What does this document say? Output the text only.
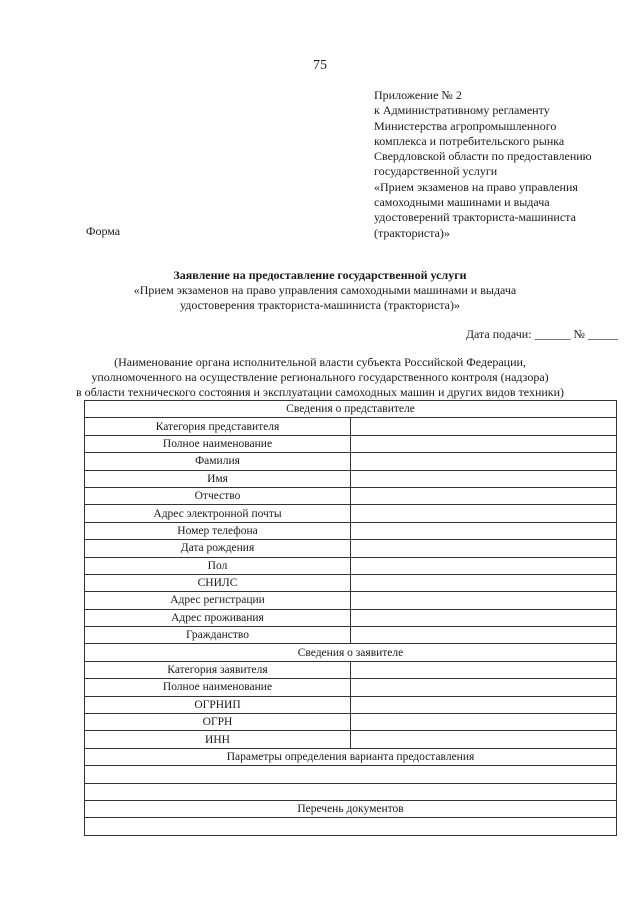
75
Приложение № 2
к Административному регламенту
Министерства агропромышленного
комплекса и потребительского рынка
Свердловской области по предоставлению
государственной услуги
«Прием экзаменов на право управления
самоходными машинами и выдача
удостоверений тракториста-машиниста
(тракториста)»
Форма
Заявление на предоставление государственной услуги
«Прием экзаменов на право управления самоходными машинами и выдача
удостоверения тракториста-машиниста (тракториста)»
Дата подачи: ______ № _____
(Наименование органа исполнительной власти субъекта Российской Федерации,
уполномоченного на осуществление регионального государственного контроля (надзора)
в области технического состояния и эксплуатации самоходных машин и других видов техники)
Сведения о представителе	
Категория представителя	
Полное наименование	
Фамилия	
Имя	
Отчество	
Адрес электронной почты	
Номер телефона	
Дата рождения	
Пол	
СНИЛС	
Адрес регистрации	
Адрес проживания	
Гражданство	
Сведения о заявителе	
Категория заявителя	
Полное наименование	
ОГРНИП	
ОГРН	
ИНН	
Параметры определения варианта предоставления	

Перечень документов	
